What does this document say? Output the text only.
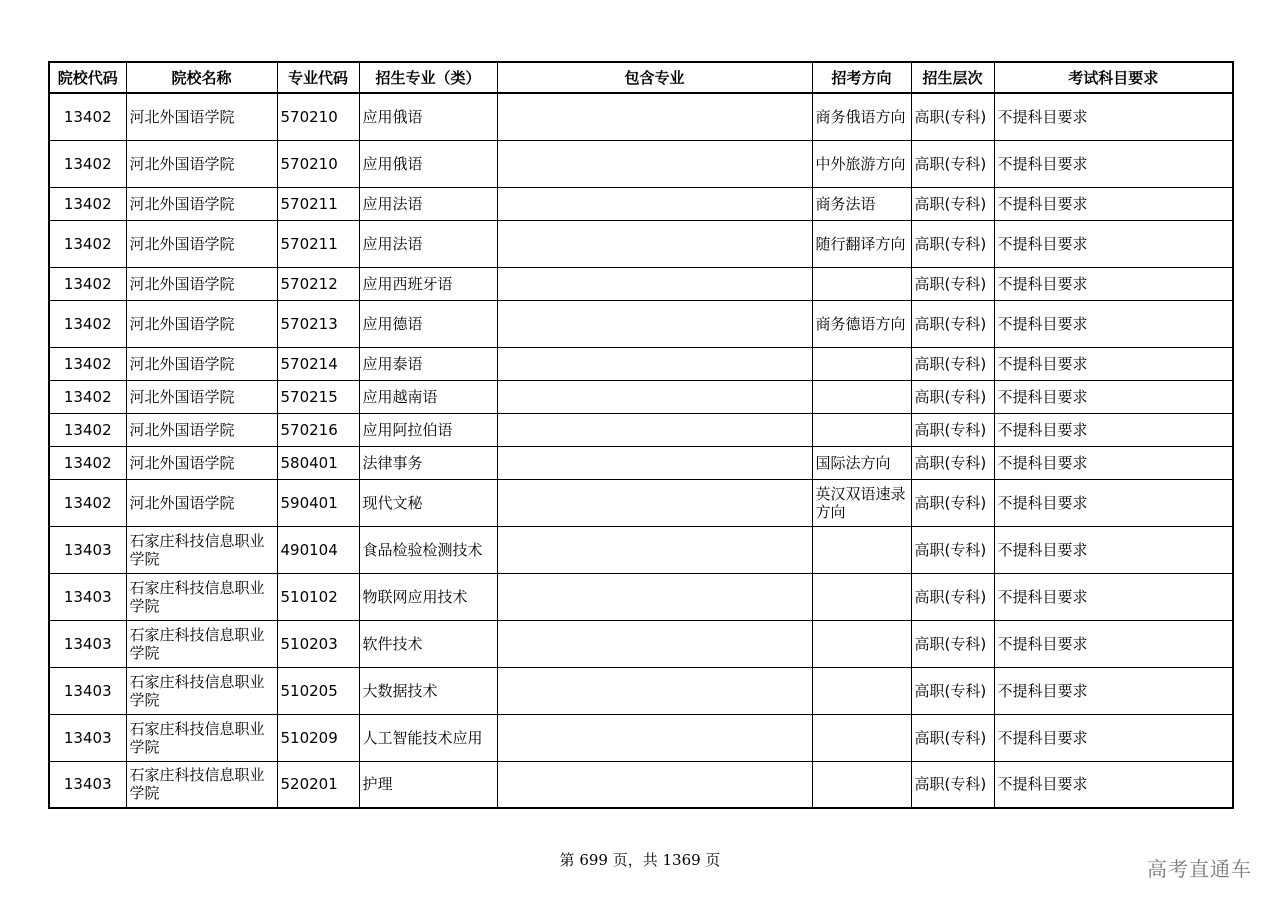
院校代码	院校名称	专业代码	招生专业（类）	包含专业	招考方向	招生层次	考试科目要求
13402	河北外国语学院	570210	应用俄语		商务俄语方向	高职(专科)	不提科目要求
13402	河北外国语学院	570210	应用俄语		中外旅游方向	高职(专科)	不提科目要求
13402	河北外国语学院	570211	应用法语		商务法语	高职(专科)	不提科目要求
13402	河北外国语学院	570211	应用法语		随行翻译方向	高职(专科)	不提科目要求
13402	河北外国语学院	570212	应用西班牙语			高职(专科)	不提科目要求
13402	河北外国语学院	570213	应用德语		商务德语方向	高职(专科)	不提科目要求
13402	河北外国语学院	570214	应用泰语			高职(专科)	不提科目要求
13402	河北外国语学院	570215	应用越南语			高职(专科)	不提科目要求
13402	河北外国语学院	570216	应用阿拉伯语			高职(专科)	不提科目要求
13402	河北外国语学院	580401	法律事务		国际法方向	高职(专科)	不提科目要求
13402	河北外国语学院	590401	现代文秘		英汉双语速录方向	高职(专科)	不提科目要求
13403	石家庄科技信息职业学院	490104	食品检验检测技术			高职(专科)	不提科目要求
13403	石家庄科技信息职业学院	510102	物联网应用技术			高职(专科)	不提科目要求
13403	石家庄科技信息职业学院	510203	软件技术			高职(专科)	不提科目要求
13403	石家庄科技信息职业学院	510205	大数据技术			高职(专科)	不提科目要求
13403	石家庄科技信息职业学院	510209	人工智能技术应用			高职(专科)	不提科目要求
13403	石家庄科技信息职业学院	520201	护理			高职(专科)	不提科目要求
第 699 页，共 1369 页	高考直通车
